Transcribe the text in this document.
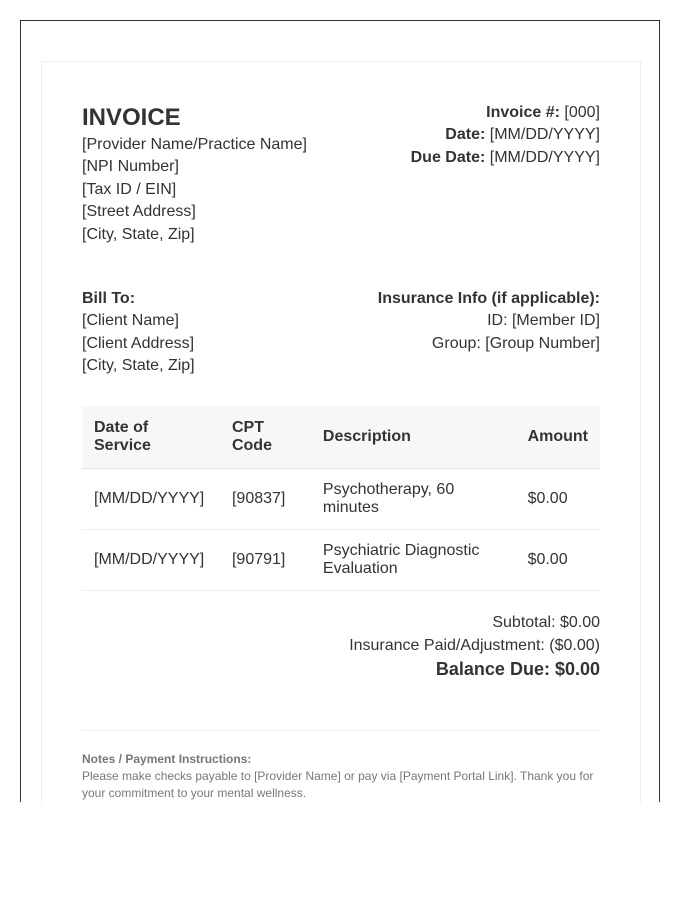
INVOICE
[Provider Name/Practice Name]
[NPI Number]
[Tax ID / EIN]
[Street Address]
[City, State, Zip]
Invoice #: [000]
Date: [MM/DD/YYYY]
Due Date: [MM/DD/YYYY]
Bill To:
[Client Name]
[Client Address]
[City, State, Zip]
Insurance Info (if applicable):
ID: [Member ID]
Group: [Group Number]
Date of Service	CPT Code	Description	Amount
[MM/DD/YYYY]	[90837]	Psychotherapy, 60 minutes	$0.00
[MM/DD/YYYY]	[90791]	Psychiatric Diagnostic Evaluation	$0.00
Subtotal: $0.00
Insurance Paid/Adjustment: ($0.00)
Balance Due: $0.00
Notes / Payment Instructions:
Please make checks payable to [Provider Name] or pay via [Payment Portal Link]. Thank you for your commitment to your mental wellness.
